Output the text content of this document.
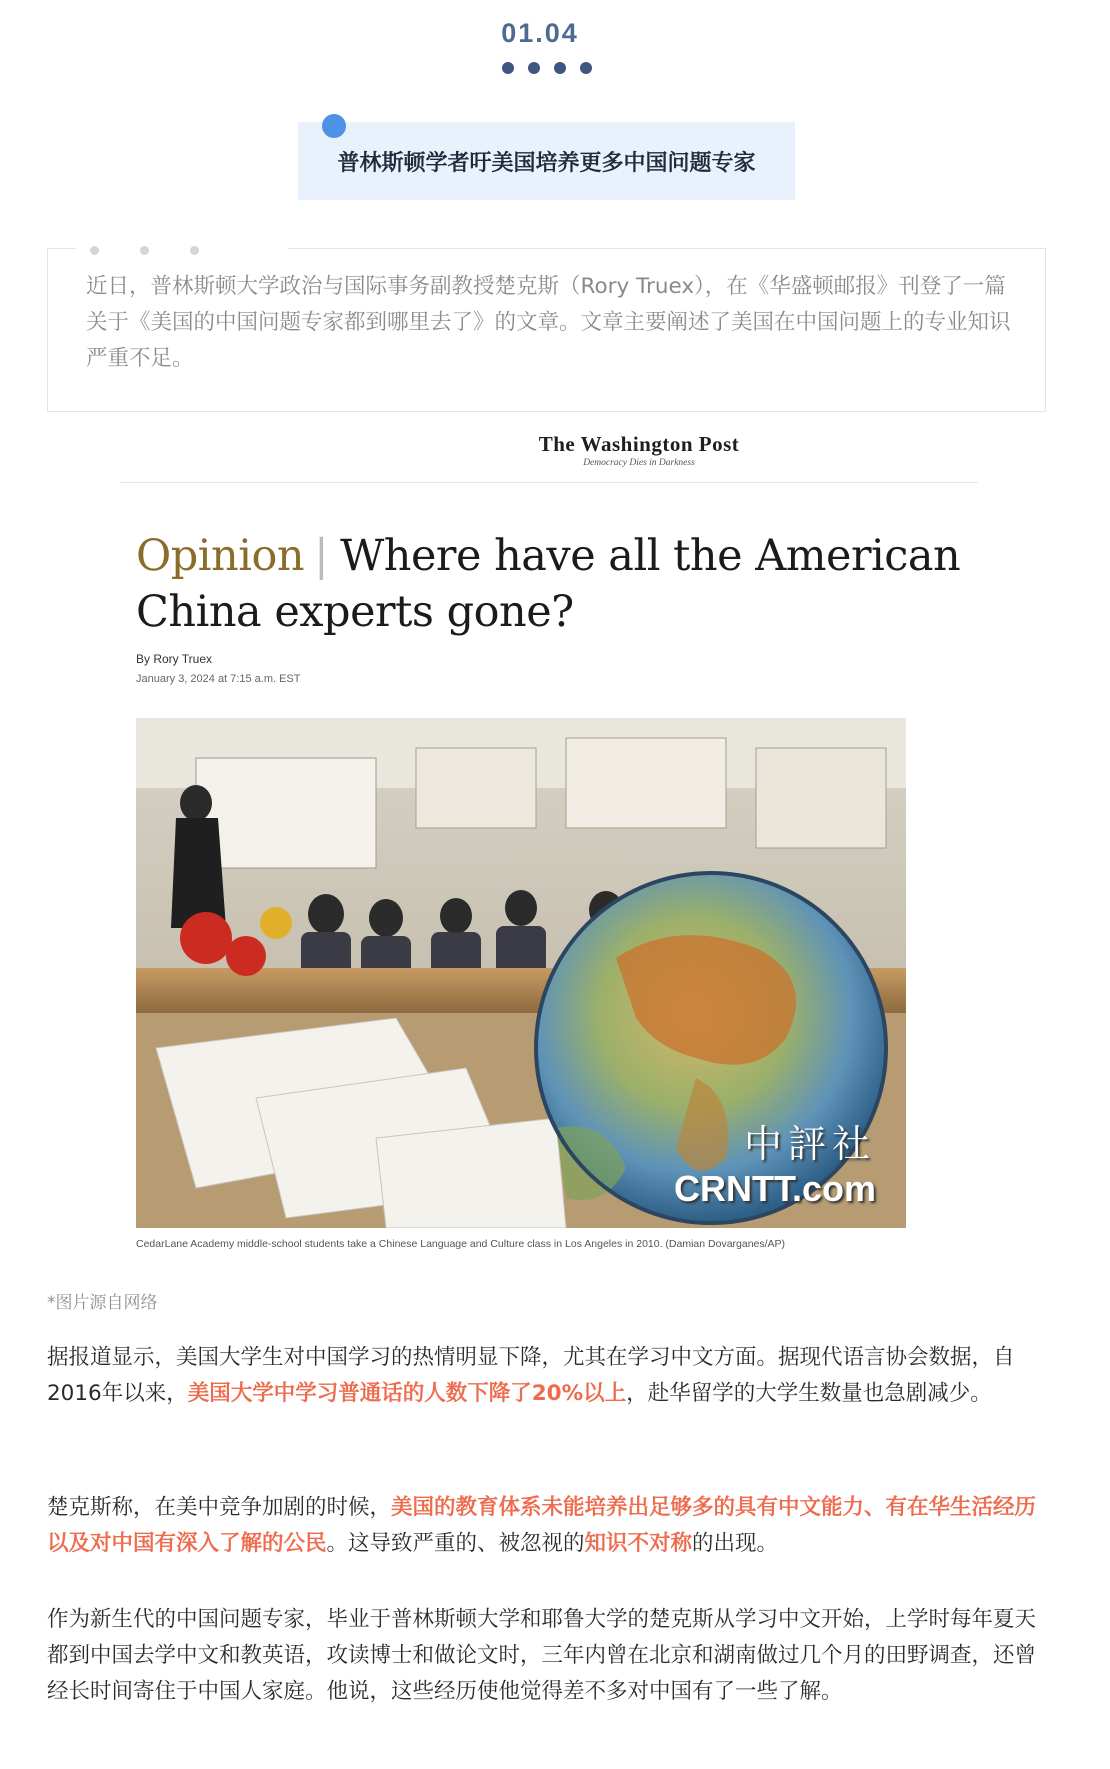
01.04
普林斯顿学者吁美国培养更多中国问题专家
近日，普林斯顿大学政治与国际事务副教授楚克斯（Rory Truex），在《华盛顿邮报》刊登了一篇关于《美国的中国问题专家都到哪里去了》的文章。文章主要阐述了美国在中国问题上的专业知识严重不足。
The Washington Post
Democracy Dies in Darkness
Opinion | Where have all the American China experts gone?
By Rory Truex
January 3, 2024 at 7:15 a.m. EST
中評社
CRNTT.com
CedarLane Academy middle-school students take a Chinese Language and Culture class in Los Angeles in 2010. (Damian Dovarganes/AP)
*图片源自网络
据报道显示，美国大学生对中国学习的热情明显下降，尤其在学习中文方面。据现代语言协会数据，自2016年以来，美国大学中学习普通话的人数下降了20%以上，赴华留学的大学生数量也急剧减少。
楚克斯称，在美中竞争加剧的时候，美国的教育体系未能培养出足够多的具有中文能力、有在华生活经历以及对中国有深入了解的公民。这导致严重的、被忽视的知识不对称的出现。
作为新生代的中国问题专家，毕业于普林斯顿大学和耶鲁大学的楚克斯从学习中文开始，上学时每年夏天都到中国去学中文和教英语，攻读博士和做论文时，三年内曾在北京和湖南做过几个月的田野调查，还曾经长时间寄住于中国人家庭。他说，这些经历使他觉得差不多对中国有了一些了解。
